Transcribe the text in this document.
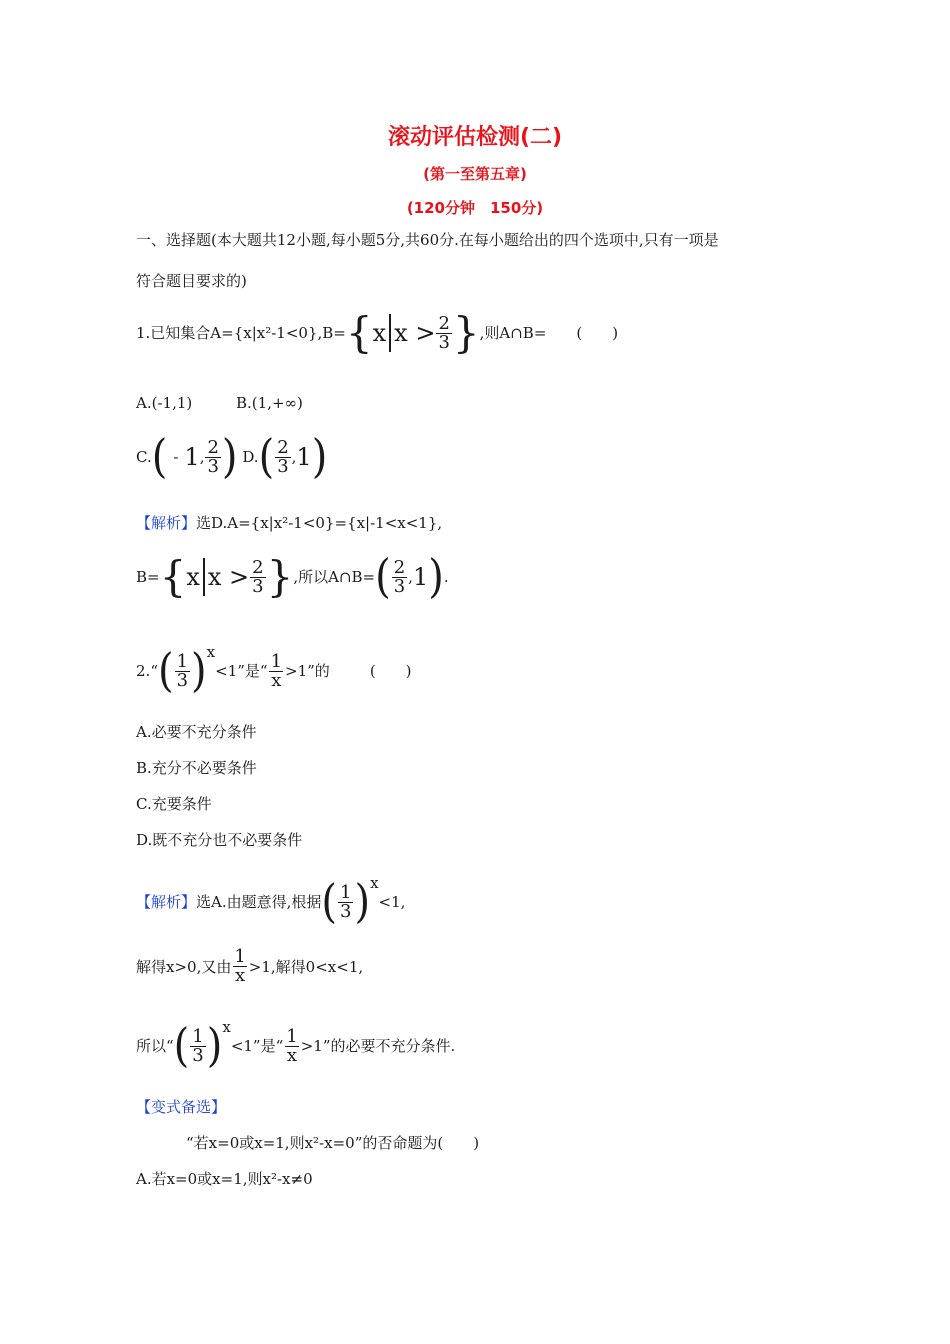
滚动评估检测(二)
(第一至第五章)
(120分钟　150分)
一、选择题(本大题共12小题,每小题5分,共60分.在每小题给出的四个选项中,只有一项是
符合题目要求的)
1.已知集合A={x|x²-1<0},B={x $x > \frac{2}{3}$ },则A∩B= (　　)
A.(-1,1)	B.(1,+∞)
C.( - 1, $\frac{2}{3}$ ) $D.( \frac{2}{3} ,1)$
【解析】选D.A={x|x²-1<0}={x|-1<x<1},
B={x $x > \frac{2}{3}$ },所以A∩B=( $\frac{2}{3} ,1$).
2.“( $\frac{1}{3} )^x<1$”是“ $\frac{1}{x} >1$”的	(　　)
A.必要不充分条件
B.充分不必要条件
C.充要条件
D.既不充分也不必要条件
【解析】选A.由题意得,根据( $\frac{1}{3} )^x<1$,
解得x>0,又由 $\frac{1}{x} >1$,解得0<x<1,
所以“( $\frac{1}{3} )^x<1$”是“ $\frac{1}{x} >1$”的必要不充分条件.
【变式备选】
“若x=0或x=1,则x²-x=0”的否命题为(　　)
A.若x=0或x=1,则x²-x≠0
